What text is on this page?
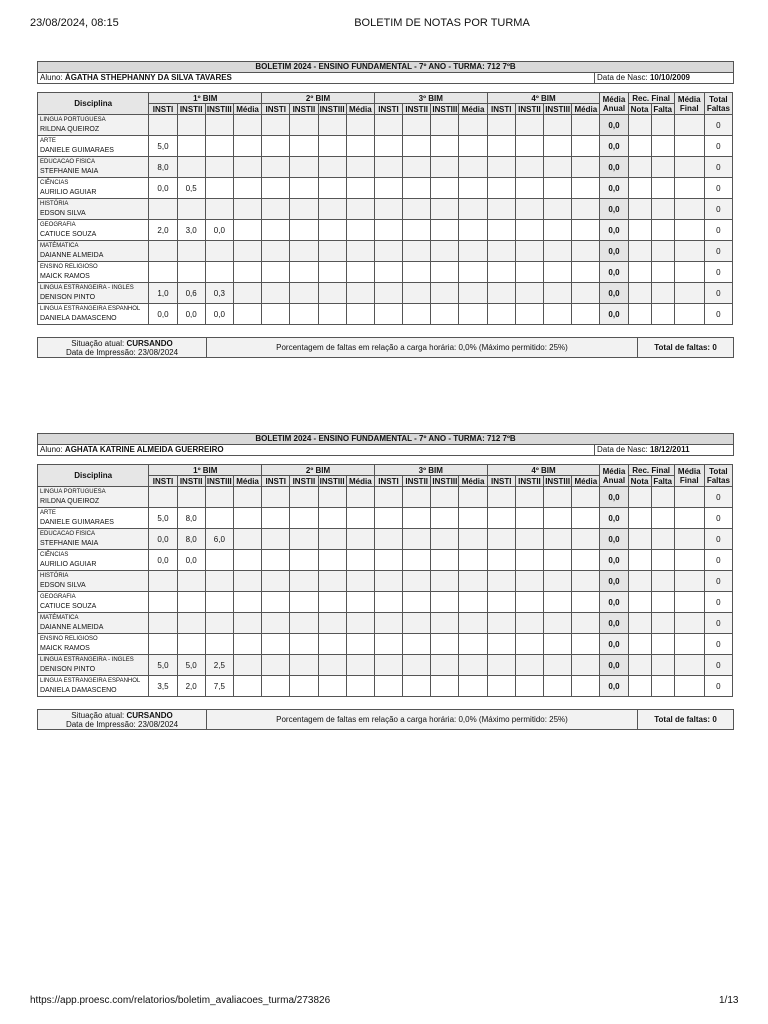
23/08/2024, 08:15	BOLETIM DE NOTAS POR TURMA
BOLETIM 2024 - ENSINO FUNDAMENTAL - 7º ANO - TURMA: 712 7ºB
Aluno: ÁGATHA STHEPHANNY DA SILVA TAVARES	Data de Nasc: 10/10/2009
Disciplina	1º BIM				2º BIM				3º BIM				4º BIM				Média
Anual	Rec. Final		Média
Final	Total
Faltas
	INSTI	INSTII	INSTIII	Média	INSTI	INSTII	INSTIII	Média	INSTI	INSTII	INSTIII	Média	INSTI	INSTII	INSTIII	Média		Nota	Falta		

LINGUA PORTUGUESA
RILDNA QUEIROZ																	0,0				0

ARTE
DANIELE GUIMARAES	5,0																0,0				0

EDUCACAO FISICA
STEFHANIE MAIA	8,0																0,0				0

CIÊNCIAS
AURILIO AGUIAR	0,0	0,5															0,0				0

HISTÓRIA
EDSON SILVA																	0,0				0

GEOGRAFIA
CATIUCE SOUZA	2,0	3,0	0,0														0,0				0

MATÉMATICA
DAIANNE ALMEIDA																	0,0				0

ENSINO RELIGIOSO
MAICK RAMOS																	0,0				0

LINGUA ESTRANGEIRA - INGLES
DENISON PINTO	1,0	0,6	0,3														0,0				0

LINGUA ESTRANGEIRA ESPANHOL
DANIELA DAMASCENO	0,0	0,0	0,0														0,0				0
Situação atual: CURSANDO
Data de Impressão: 23/08/2024	Porcentagem de faltas em relação a carga horária: 0,0% (Máximo permitido: 25%)	Total de faltas: 0
BOLETIM 2024 - ENSINO FUNDAMENTAL - 7º ANO - TURMA: 712 7ºB
Aluno: AGHATA KATRINE ALMEIDA GUERREIRO	Data de Nasc: 18/12/2011
Disciplina	1º BIM				2º BIM				3º BIM				4º BIM				Média
Anual	Rec. Final		Média
Final	Total
Faltas
	INSTI	INSTII	INSTIII	Média	INSTI	INSTII	INSTIII	Média	INSTI	INSTII	INSTIII	Média	INSTI	INSTII	INSTIII	Média		Nota	Falta		

LINGUA PORTUGUESA
RILDNA QUEIROZ																	0,0				0

ARTE
DANIELE GUIMARAES	5,0	8,0															0,0				0

EDUCACAO FISICA
STEFHANIE MAIA	0,0	8,0	6,0														0,0				0

CIÊNCIAS
AURILIO AGUIAR	0,0	0,0															0,0				0

HISTÓRIA
EDSON SILVA																	0,0				0

GEOGRAFIA
CATIUCE SOUZA																	0,0				0

MATÉMATICA
DAIANNE ALMEIDA																	0,0				0

ENSINO RELIGIOSO
MAICK RAMOS																	0,0				0

LINGUA ESTRANGEIRA - INGLES
DENISON PINTO	5,0	5,0	2,5														0,0				0

LINGUA ESTRANGEIRA ESPANHOL
DANIELA DAMASCENO	3,5	2,0	7,5														0,0				0
Situação atual: CURSANDO
Data de Impressão: 23/08/2024	Porcentagem de faltas em relação a carga horária: 0,0% (Máximo permitido: 25%)	Total de faltas: 0
https://app.proesc.com/relatorios/boletim_avaliacoes_turma/273826	1/13
